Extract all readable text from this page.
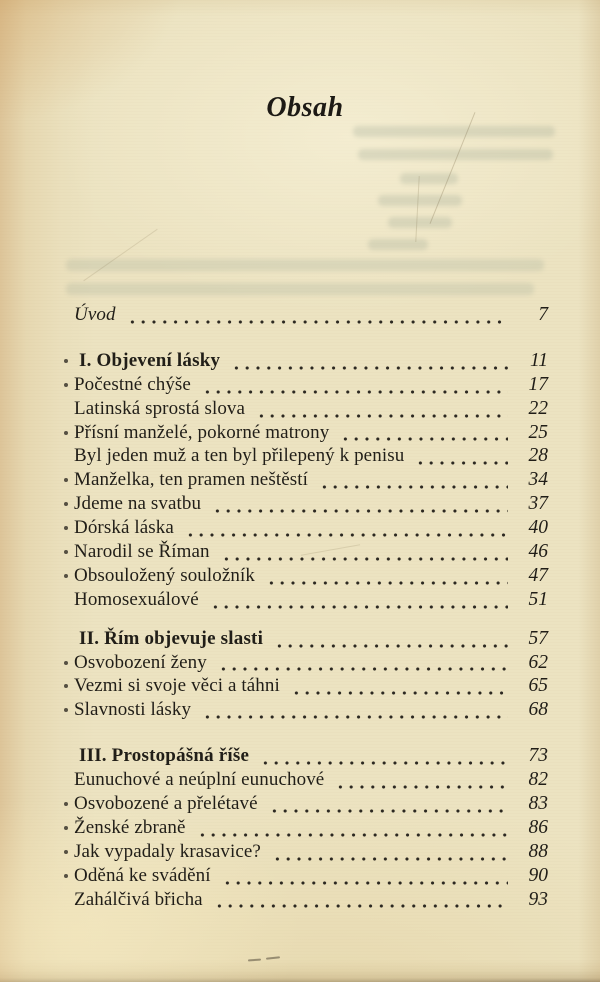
Obsah
Úvod	7
I. Objevení lásky	11
Počestné chýše	17
Latinská sprostá slova	22
Přísní manželé, pokorné matrony	25
Byl jeden muž a ten byl přilepený k penisu	28
Manželka, ten pramen neštěstí	34
Jdeme na svatbu	37
Dórská láska	40
Narodil se Říman	46
Obsouložený souložník	47
Homosexuálové	51
II. Řím objevuje slasti	57
Osvobození ženy	62
Vezmi si svoje věci a táhni	65
Slavnosti lásky	68
III. Prostopášná říše	73
Eunuchové a neúplní eunuchové	82
Osvobozené a přelétavé	83
Ženské zbraně	86
Jak vypadaly krasavice?	88
Oděná ke svádění	90
Zahálčivá břicha	93
